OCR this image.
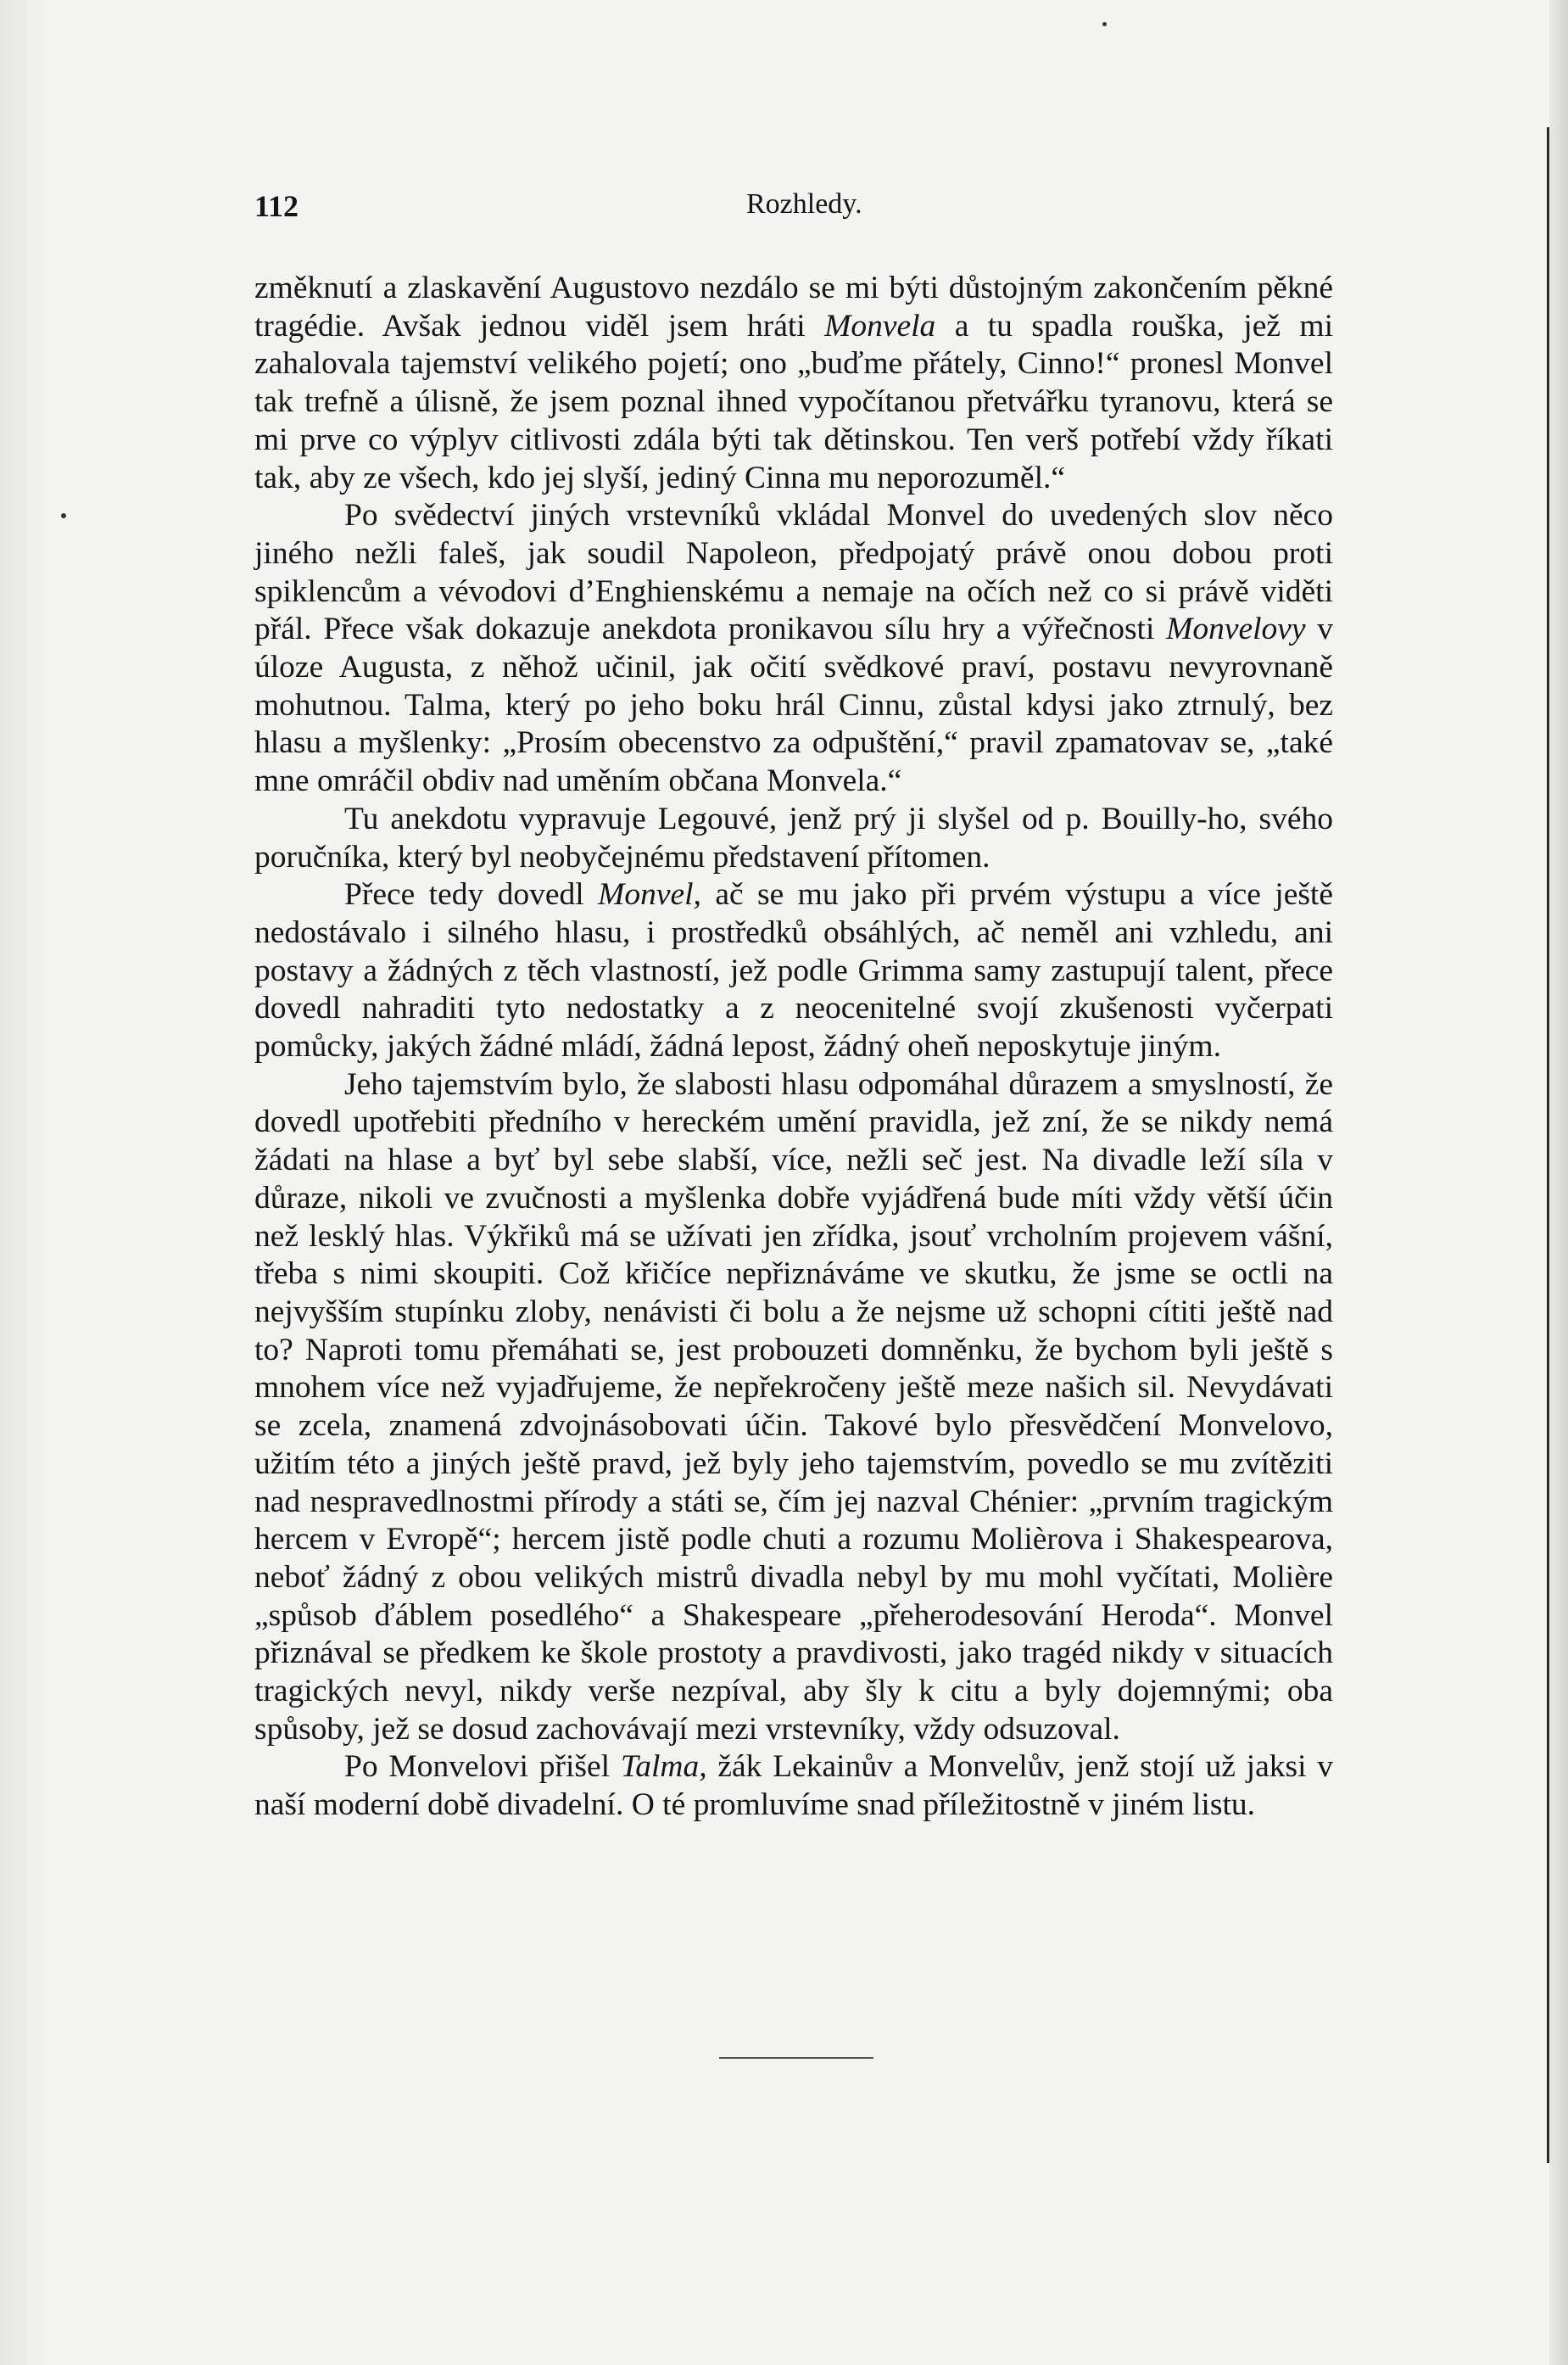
112	Rozhledy.

změknutí a zlaskavění Augustovo nezdálo se mi býti důstojným zakončením pěkné tragédie. Avšak jednou viděl jsem hráti Monvela a tu spadla rouška, jež mi zahalovala tajemství velikého pojetí; ono „buďme přátely, Cinno!“ pronesl Monvel tak trefně a úlisně, že jsem poznal ihned vypočítanou přetvářku tyranovu, která se mi prve co výplyv citlivosti zdála býti tak dětinskou. Ten verš potřebí vždy říkati tak, aby ze všech, kdo jej slyší, jediný Cinna mu neporozuměl.“

Po svědectví jiných vrstevníků vkládal Monvel do uvedených slov něco jiného nežli faleš, jak soudil Napoleon, předpojatý právě onou dobou proti spiklencům a vévodovi d’Enghienskému a nemaje na očích než co si právě viděti přál. Přece však dokazuje anekdota pronikavou sílu hry a výřečnosti Monvelovy v úloze Augusta, z něhož učinil, jak očití svědkové praví, postavu nevyrovnaně mohutnou. Talma, který po jeho boku hrál Cinnu, zůstal kdysi jako ztrnulý, bez hlasu a myšlenky: „Prosím obecenstvo za odpuštění,“ pravil zpamatovav se, „také mne omráčil obdiv nad uměním občana Monvela.“

Tu anekdotu vypravuje Legouvé, jenž prý ji slyšel od p. Bouilly-ho, svého poručníka, který byl neobyčejnému představení přítomen.

Přece tedy dovedl Monvel, ač se mu jako při prvém výstupu a více ještě nedostávalo i silného hlasu, i prostředků obsáhlých, ač neměl ani vzhledu, ani postavy a žádných z těch vlastností, jež podle Grimma samy zastupují talent, přece dovedl nahraditi tyto nedostatky a z neocenitelné svojí zkušenosti vyčerpati pomůcky, jakých žádné mládí, žádná lepost, žádný oheň neposkytuje jiným.

Jeho tajemstvím bylo, že slabosti hlasu odpomáhal důrazem a smyslností, že dovedl upotřebiti předního v hereckém umění pravidla, jež zní, že se nikdy nemá žádati na hlase a byť byl sebe slabší, více, nežli seč jest. Na divadle leží síla v důraze, nikoli ve zvučnosti a myšlenka dobře vyjádřená bude míti vždy větší účin než lesklý hlas. Výkřiků má se užívati jen zřídka, jsouť vrcholním projevem vášní, třeba s nimi skoupiti. Což křičíce nepřiznáváme ve skutku, že jsme se octli na nejvyšším stupínku zloby, nenávisti či bolu a že nejsme už schopni cítiti ještě nad to? Naproti tomu přemáhati se, jest probouzeti domněnku, že bychom byli ještě s mnohem více než vyjadřujeme, že nepřekročeny ještě meze našich sil. Nevydávati se zcela, znamená zdvojnásobovati účin. Takové bylo přesvědčení Monvelovo, užitím této a jiných ještě pravd, jež byly jeho tajemstvím, povedlo se mu zvítěziti nad nespravedlnostmi přírody a státi se, čím jej nazval Chénier: „prvním tragickým hercem v Evropě“; hercem jistě podle chuti a rozumu Molièrova i Shakespearova, neboť žádný z obou velikých mistrů divadla nebyl by mu mohl vyčítati, Molière „spůsob ďáblem posedlého“ a Shakespeare „přeherodesování Heroda“. Monvel přiznával se předkem ke škole prostoty a pravdivosti, jako tragéd nikdy v situacích tragických nevyl, nikdy verše nezpíval, aby šly k citu a byly dojemnými; oba spůsoby, jež se dosud zachovávají mezi vrstevníky, vždy odsuzoval.

Po Monvelovi přišel Talma, žák Lekainův a Monvelův, jenž stojí už jaksi v naší moderní době divadelní. O té promluvíme snad příležitostně v jiném listu.
